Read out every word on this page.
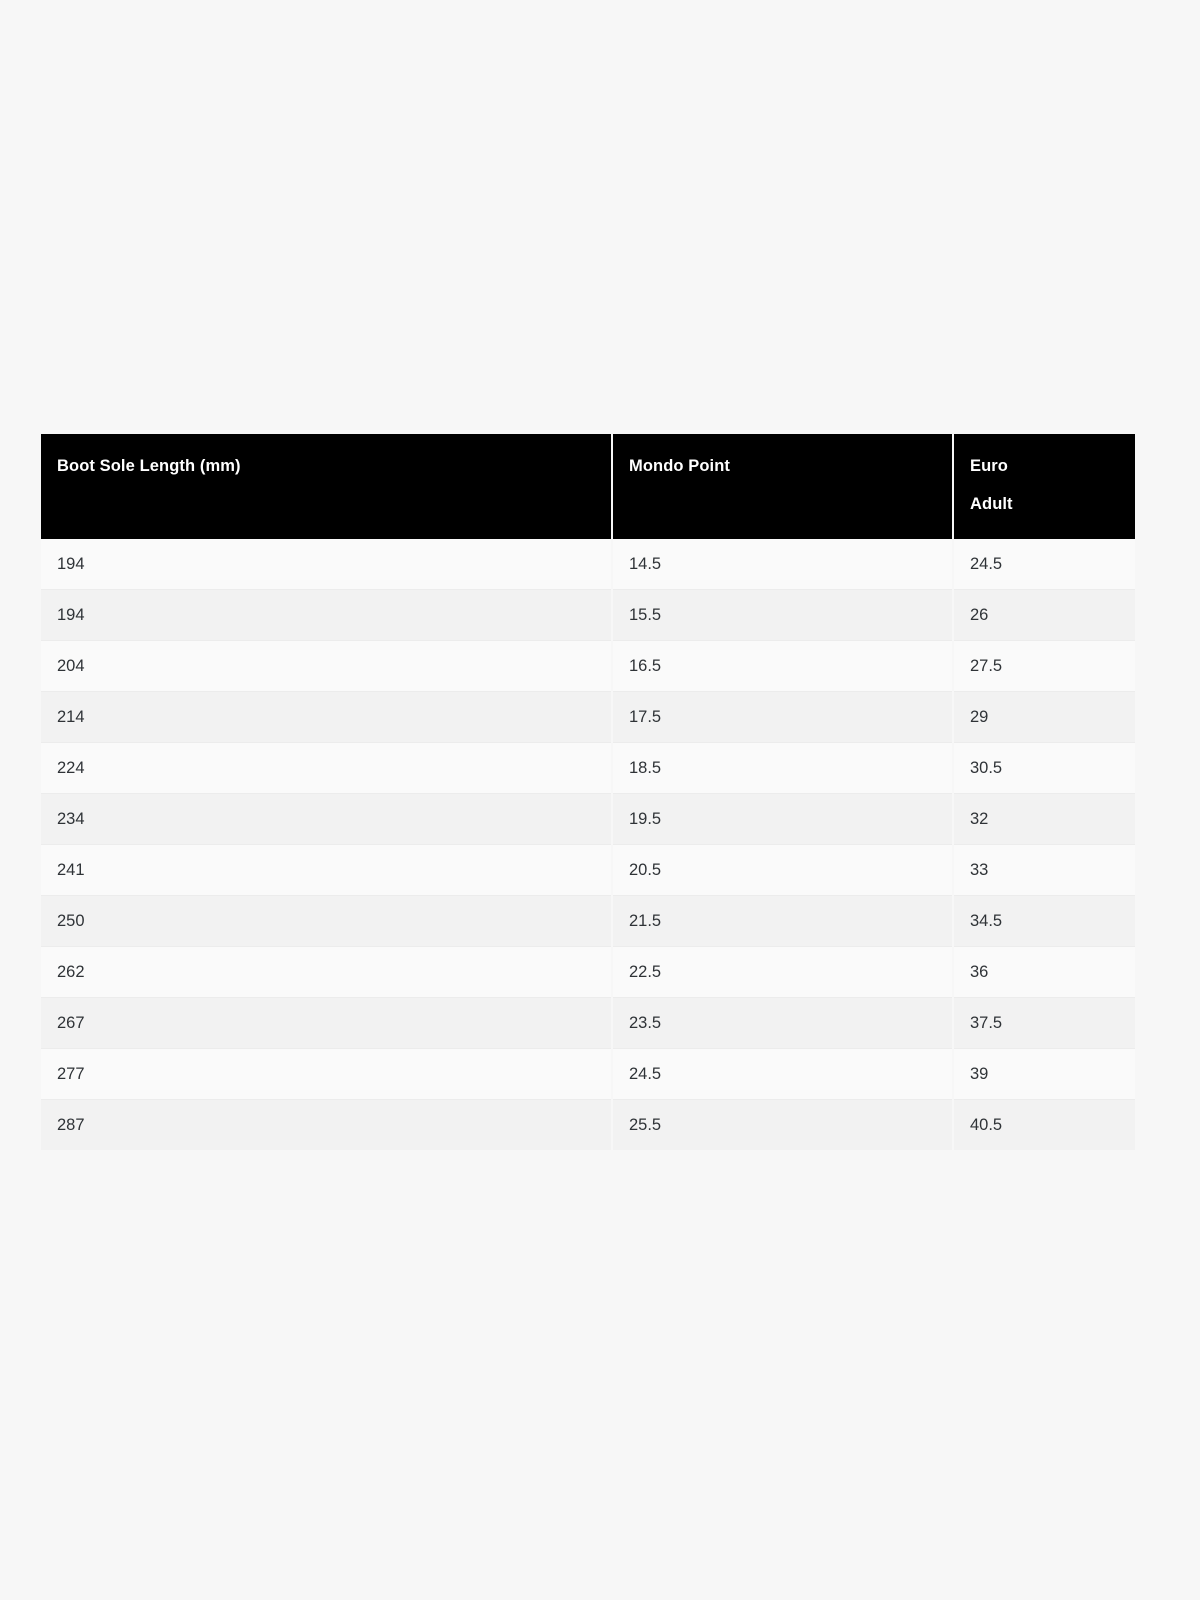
Boot Sole Length (mm)	Mondo Point	Euro
Adult

194	14.5	24.5
194	15.5	26
204	16.5	27.5
214	17.5	29
224	18.5	30.5
234	19.5	32
241	20.5	33
250	21.5	34.5
262	22.5	36
267	23.5	37.5
277	24.5	39
287	25.5	40.5
